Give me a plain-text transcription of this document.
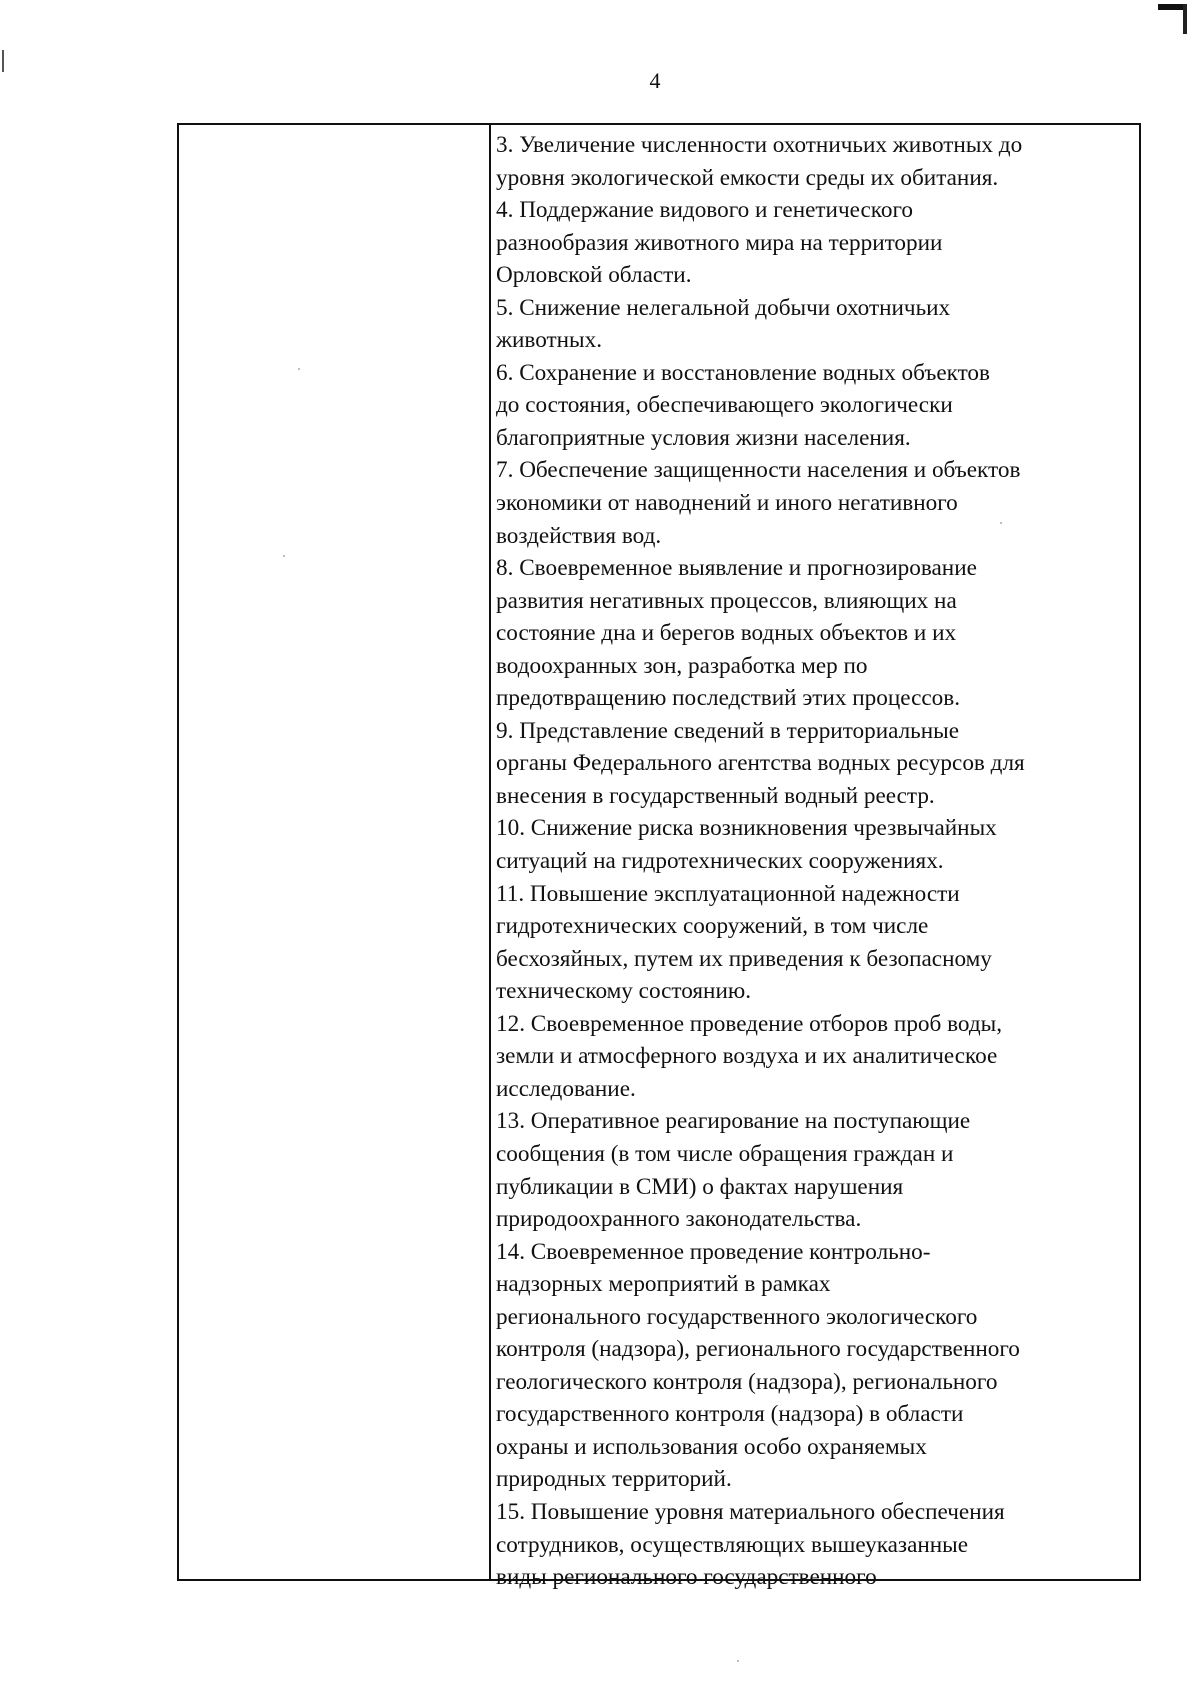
4
3. Увеличение численности охотничьих животных до
уровня экологической емкости среды их обитания.
4. Поддержание видового и генетического
разнообразия животного мира на территории
Орловской области.
5. Снижение нелегальной добычи охотничьих
животных.
6. Сохранение и восстановление водных объектов
до состояния, обеспечивающего экологически
благоприятные условия жизни населения.
7. Обеспечение защищенности населения и объектов
экономики от наводнений и иного негативного
воздействия вод.
8. Своевременное выявление и прогнозирование
развития негативных процессов, влияющих на
состояние дна и берегов водных объектов и их
водоохранных зон, разработка мер по
предотвращению последствий этих процессов.
9. Представление сведений в территориальные
органы Федерального агентства водных ресурсов для
внесения в государственный водный реестр.
10. Снижение риска возникновения чрезвычайных
ситуаций на гидротехнических сооружениях.
11. Повышение эксплуатационной надежности
гидротехнических сооружений, в том числе
бесхозяйных, путем их приведения к безопасному
техническому состоянию.
12. Своевременное проведение отборов проб воды,
земли и атмосферного воздуха и их аналитическое
исследование.
13. Оперативное реагирование на поступающие
сообщения (в том числе обращения граждан и
публикации в СМИ) о фактах нарушения
природоохранного законодательства.
14. Своевременное проведение контрольно-
надзорных мероприятий в рамках
регионального государственного экологического
контроля (надзора), регионального государственного
геологического контроля (надзора), регионального
государственного контроля (надзора) в области
охраны и использования особо охраняемых
природных территорий.
15. Повышение уровня материального обеспечения
сотрудников, осуществляющих вышеуказанные
виды регионального государственного
